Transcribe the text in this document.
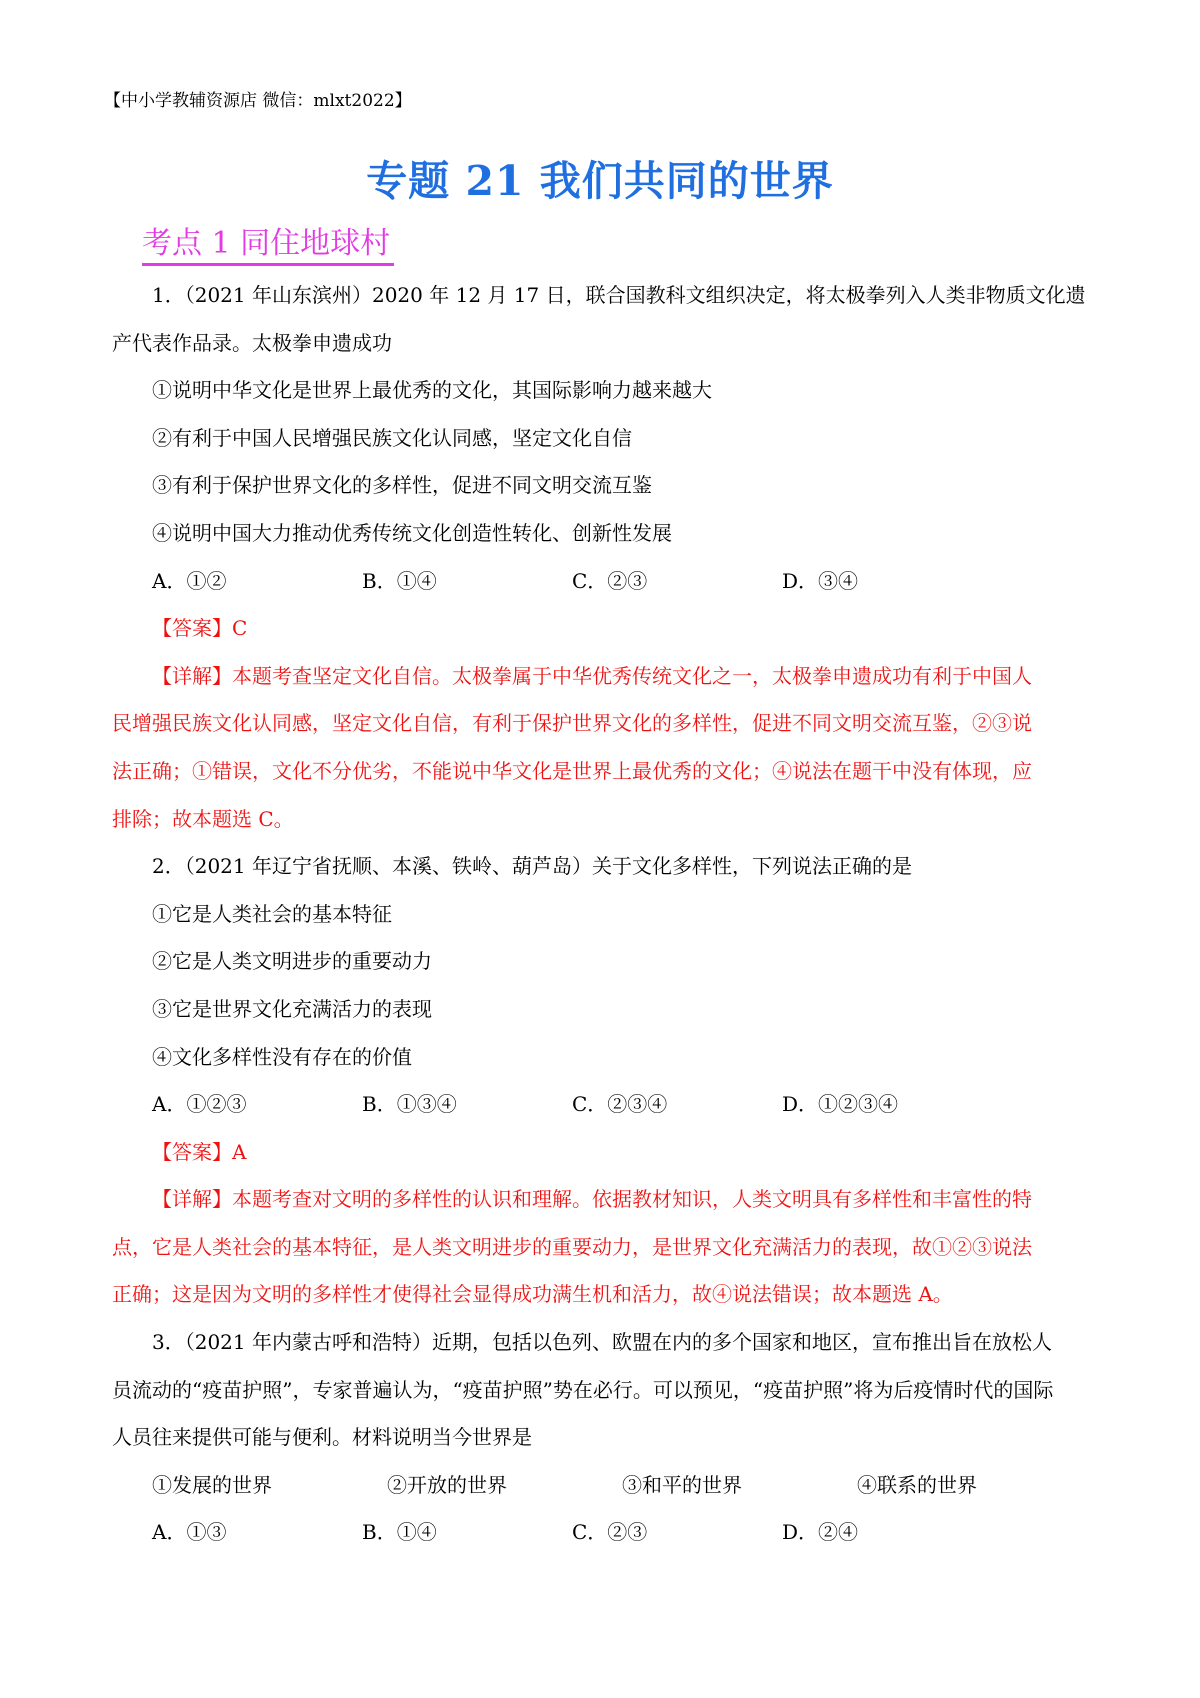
【中小学教辅资源店 微信：mlxt2022】
专题 21 我们共同的世界
考点 1 同住地球村
1．（2021 年山东滨州）2020 年 12 月 17 日，联合国教科文组织决定，将太极拳列入人类非物质文化遗
产代表作品录。太极拳申遗成功
①说明中华文化是世界上最优秀的文化，其国际影响力越来越大
②有利于中国人民增强民族文化认同感，坚定文化自信
③有利于保护世界文化的多样性，促进不同文明交流互鉴
④说明中国大力推动优秀传统文化创造性转化、创新性发展
A．①②	B．①④	C．②③	D．③④
【答案】C
【详解】本题考查坚定文化自信。太极拳属于中华优秀传统文化之一，太极拳申遗成功有利于中国人
民增强民族文化认同感，坚定文化自信，有利于保护世界文化的多样性，促进不同文明交流互鉴，②③说
法正确；①错误，文化不分优劣，不能说中华文化是世界上最优秀的文化；④说法在题干中没有体现，应
排除；故本题选 C。
2．（2021 年辽宁省抚顺、本溪、铁岭、葫芦岛）关于文化多样性，下列说法正确的是
①它是人类社会的基本特征
②它是人类文明进步的重要动力
③它是世界文化充满活力的表现
④文化多样性没有存在的价值
A．①②③	B．①③④	C．②③④	D．①②③④
【答案】A
【详解】本题考查对文明的多样性的认识和理解。依据教材知识，人类文明具有多样性和丰富性的特
点，它是人类社会的基本特征，是人类文明进步的重要动力，是世界文化充满活力的表现，故①②③说法
正确；这是因为文明的多样性才使得社会显得成功满生机和活力，故④说法错误；故本题选 A。
3．（2021 年内蒙古呼和浩特）近期，包括以色列、欧盟在内的多个国家和地区，宣布推出旨在放松人
员流动的“疫苗护照”，专家普遍认为，“疫苗护照”势在必行。可以预见，“疫苗护照”将为后疫情时代的国际
人员往来提供可能与便利。材料说明当今世界是
①发展的世界	②开放的世界	③和平的世界	④联系的世界
A．①③	B．①④	C．②③	D．②④
